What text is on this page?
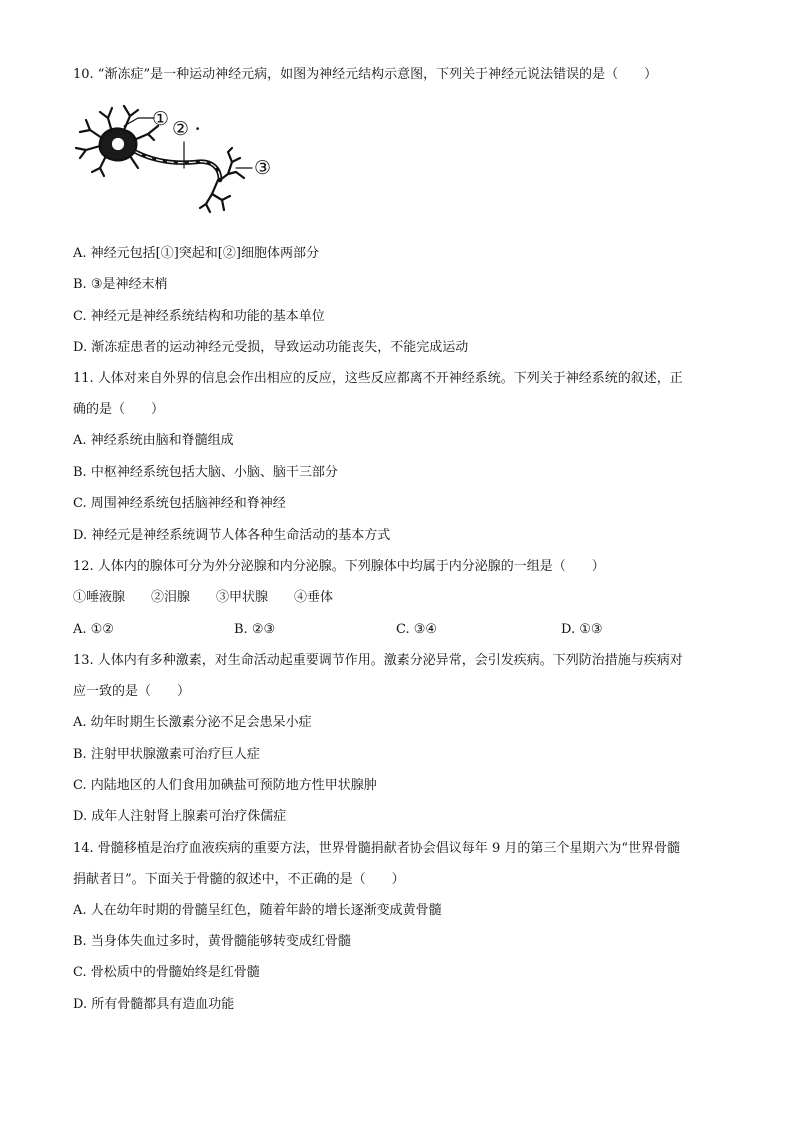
10. “渐冻症”是一种运动神经元病，如图为神经元结构示意图，下列关于神经元说法错误的是（　　）
① ② .
③
A. 神经元包括[①]突起和[②]细胞体两部分
B. ③是神经末梢
C. 神经元是神经系统结构和功能的基本单位
D. 渐冻症患者的运动神经元受损，导致运动功能丧失，不能完成运动
11. 人体对来自外界的信息会作出相应的反应，这些反应都离不开神经系统。下列关于神经系统的叙述，正
确的是（　　）
A. 神经系统由脑和脊髓组成
B. 中枢神经系统包括大脑、小脑、脑干三部分
C. 周围神经系统包括脑神经和脊神经
D. 神经元是神经系统调节人体各种生命活动的基本方式
12. 人体内的腺体可分为外分泌腺和内分泌腺。下列腺体中均属于内分泌腺的一组是（　　）
①唾液腺　　②泪腺　　③甲状腺　　④垂体
A. ①②	B. ②③	C. ③④	D. ①③
13. 人体内有多种激素，对生命活动起重要调节作用。激素分泌异常，会引发疾病。下列防治措施与疾病对
应一致的是（　　）
A. 幼年时期生长激素分泌不足会患呆小症
B. 注射甲状腺激素可治疗巨人症
C. 内陆地区的人们食用加碘盐可预防地方性甲状腺肿
D. 成年人注射肾上腺素可治疗侏儒症
14. 骨髓移植是治疗血液疾病的重要方法，世界骨髓捐献者协会倡议每年 9 月的第三个星期六为“世界骨髓
捐献者日”。下面关于骨髓的叙述中，不正确的是（　　）
A. 人在幼年时期的骨髓呈红色，随着年龄的增长逐渐变成黄骨髓
B. 当身体失血过多时，黄骨髓能够转变成红骨髓
C. 骨松质中的骨髓始终是红骨髓
D. 所有骨髓都具有造血功能
